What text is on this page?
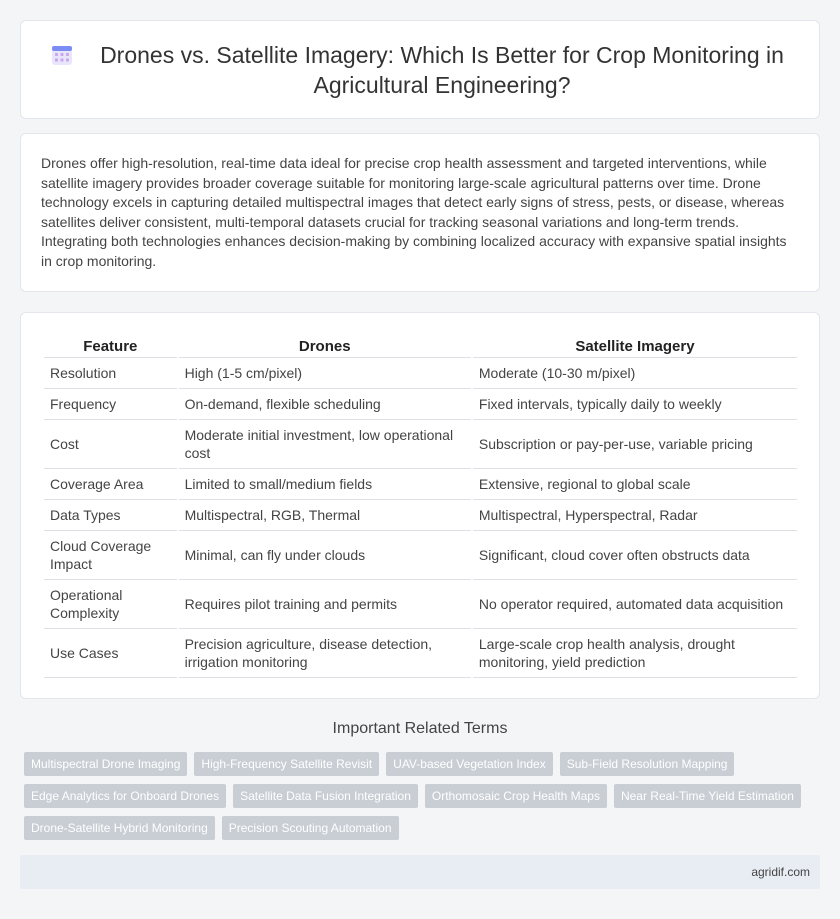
Drones vs. Satellite Imagery: Which Is Better for Crop Monitoring in Agricultural Engineering?

Drones offer high-resolution, real-time data ideal for precise crop health assessment and targeted interventions, while satellite imagery provides broader coverage suitable for monitoring large-scale agricultural patterns over time. Drone technology excels in capturing detailed multispectral images that detect early signs of stress, pests, or disease, whereas satellites deliver consistent, multi-temporal datasets crucial for tracking seasonal variations and long-term trends. Integrating both technologies enhances decision-making by combining localized accuracy with expansive spatial insights in crop monitoring.

Feature	Drones	Satellite Imagery
Resolution	High (1-5 cm/pixel)	Moderate (10-30 m/pixel)
Frequency	On-demand, flexible scheduling	Fixed intervals, typically daily to weekly
Cost	Moderate initial investment, low operational cost	Subscription or pay-per-use, variable pricing
Coverage Area	Limited to small/medium fields	Extensive, regional to global scale
Data Types	Multispectral, RGB, Thermal	Multispectral, Hyperspectral, Radar
Cloud Coverage Impact	Minimal, can fly under clouds	Significant, cloud cover often obstructs data
Operational Complexity	Requires pilot training and permits	No operator required, automated data acquisition
Use Cases	Precision agriculture, disease detection, irrigation monitoring	Large-scale crop health analysis, drought monitoring, yield prediction
Important Related Terms
Multispectral Drone Imaging	High-Frequency Satellite Revisit	UAV-based Vegetation Index	Sub-Field Resolution Mapping
Edge Analytics for Onboard Drones	Satellite Data Fusion Integration	Orthomosaic Crop Health Maps	Near Real-Time Yield Estimation
Drone-Satellite Hybrid Monitoring	Precision Scouting Automation
agridif.com
